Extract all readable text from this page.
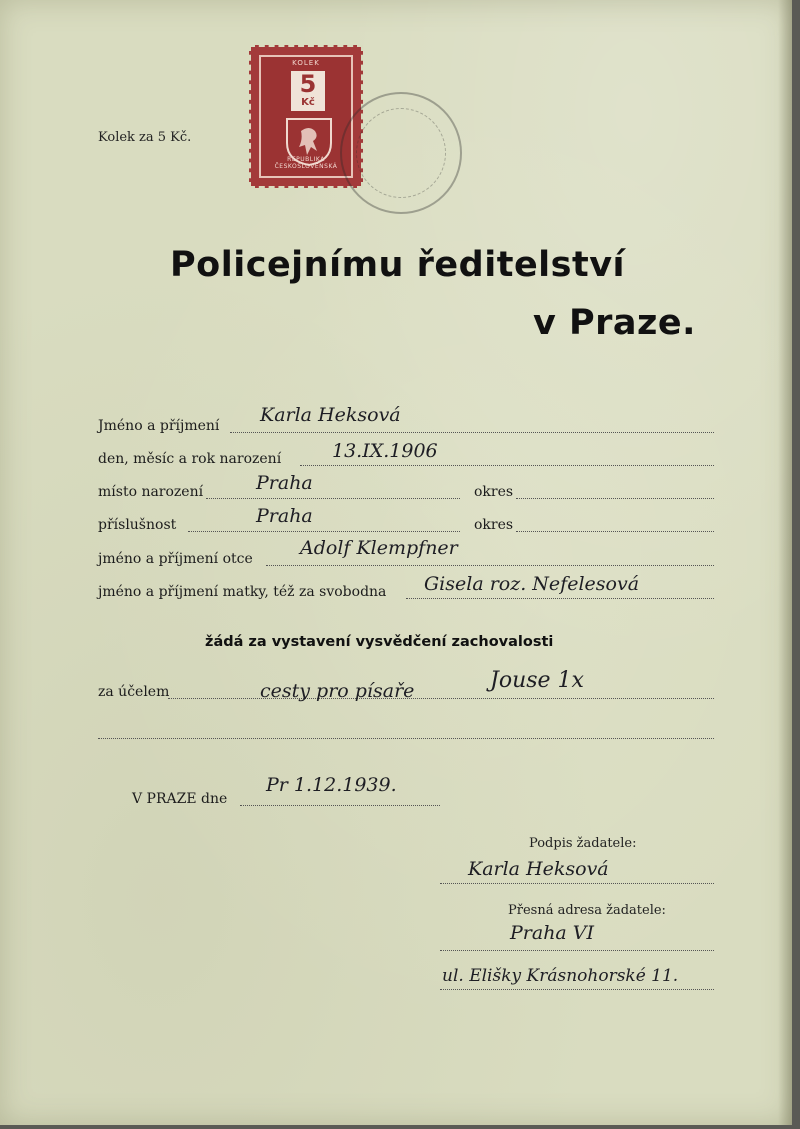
Kolek za 5 Kč.
KOLEK
5
Kč
REPUBLIKA ČESKOSLOVENSKÁ
Policejnímu ředitelství
v Praze.
Jméno a příjmení Karla Heksová
den, měsíc a rok narození	13.IX.1906
místo narození	Praha	okres
příslušnost	Praha	okres
jméno a příjmení otce Adolf Klempfner
jméno a příjmení matky, též za svobodna Gisela roz. Nefelesová
žádá za vystavení vysvědčení zachovalosti
za účelem	cesty pro písaře	Jouse 1x
V PRAZE dne
Pr 1.12.1939.
Podpis žadatele:
Karla Heksová
Přesná adresa žadatele:
Praha VI
ul. Elišky Krásnohorské 11.
